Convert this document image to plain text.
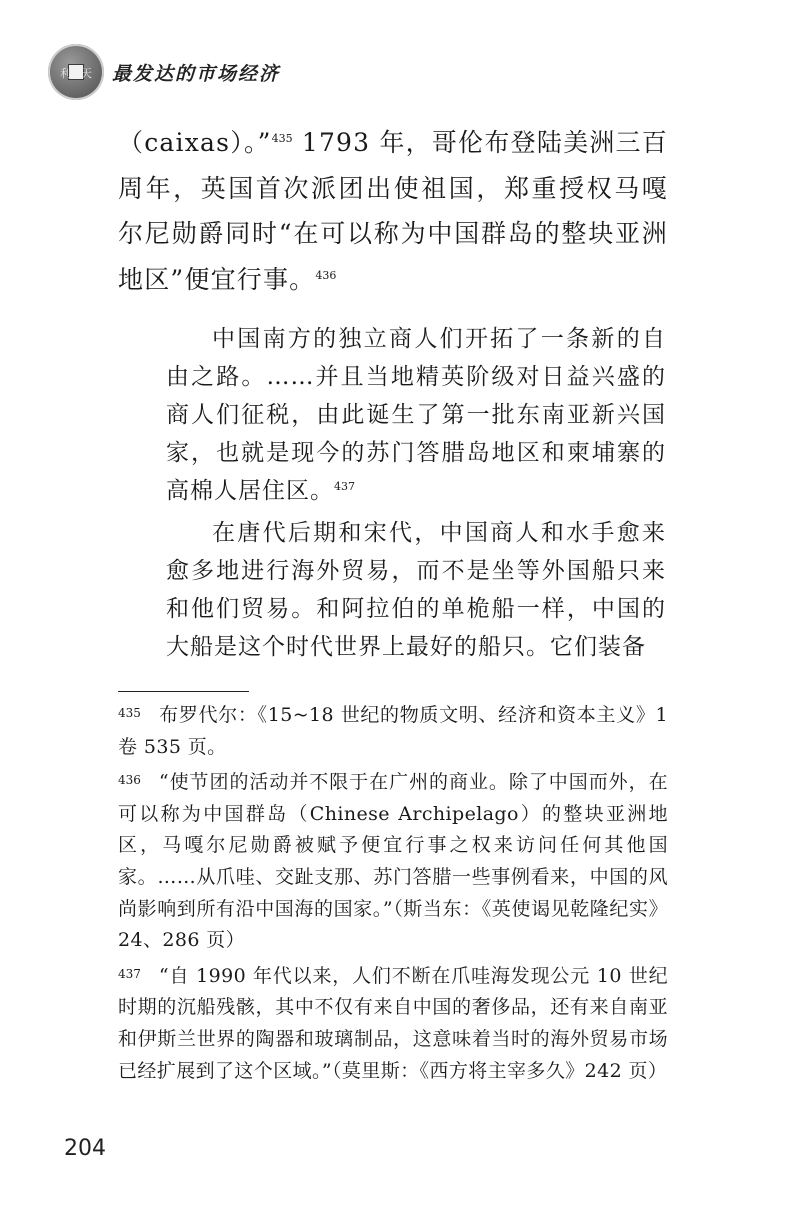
利 天 最发达的市场经济

（caixas）。”$^{435}$ 1793 年，哥伦布登陆美洲三百周年，英国首次派团出使祖国，郑重授权马嘎尔尼勋爵同时“在可以称为中国群岛的整块亚洲地区”便宜行事。$^{436}$

中国南方的独立商人们开拓了一条新的自由之路。……并且当地精英阶级对日益兴盛的商人们征税，由此诞生了第一批东南亚新兴国家，也就是现今的苏门答腊岛地区和柬埔寨的高棉人居住区。$^{437}$

在唐代后期和宋代，中国商人和水手愈来愈多地进行海外贸易，而不是坐等外国船只来和他们贸易。和阿拉伯的单桅船一样，中国的大船是这个时代世界上最好的船只。它们装备

$^{435}$ 布罗代尔：《15~18 世纪的物质文明、经济和资本主义》1 卷 535 页。

$^{436}$ “使节团的活动并不限于在广州的商业。除了中国而外，在可以称为中国群岛（Chinese Archipelago）的整块亚洲地区，马嘎尔尼勋爵被赋予便宜行事之权来访问任何其他国家。……从爪哇、交趾支那、苏门答腊一些事例看来，中国的风尚影响到所有沿中国海的国家。”（斯当东：《英使谒见乾隆纪实》24、286 页）

$^{437}$ “自 1990 年代以来，人们不断在爪哇海发现公元 10 世纪时期的沉船残骸，其中不仅有来自中国的奢侈品，还有来自南亚和伊斯兰世界的陶器和玻璃制品，这意味着当时的海外贸易市场已经扩展到了这个区域。”（莫里斯：《西方将主宰多久》242 页）

204
